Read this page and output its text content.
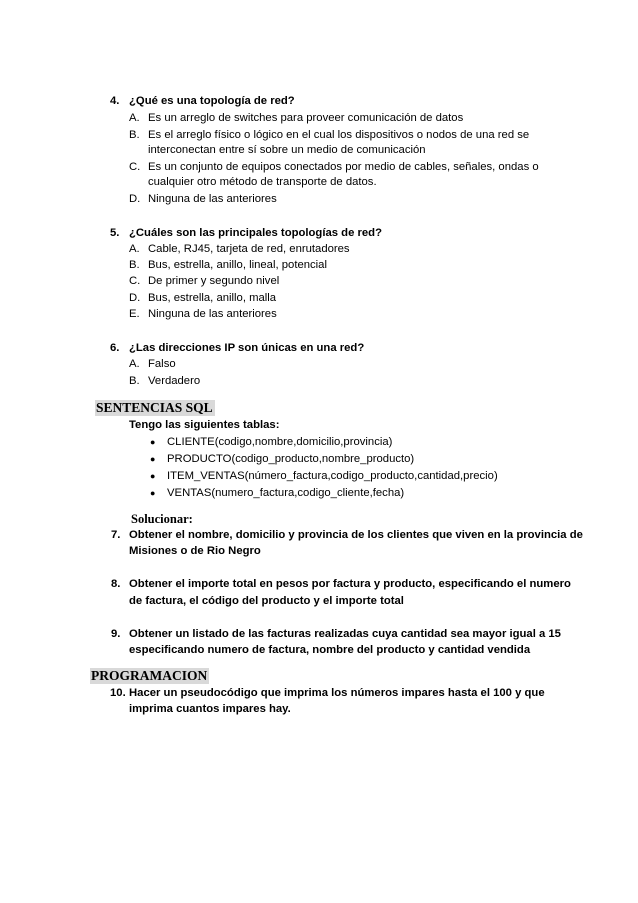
4. ¿Qué es una topología de red?
A. Es un arreglo de switches para proveer comunicación de datos
B. Es el arreglo físico o lógico en el cual los dispositivos o nodos de una red se
interconectan entre sí sobre un medio de comunicación
C. Es un conjunto de equipos conectados por medio de cables, señales, ondas o
cualquier otro método de transporte de datos.
D. Ninguna de las anteriores
5. ¿Cuáles son las principales topologías de red?
A. Cable, RJ45, tarjeta de red, enrutadores
B. Bus, estrella, anillo, lineal, potencial
C. De primer y segundo nivel
D. Bus, estrella, anillo, malla
E. Ninguna de las anteriores
6. ¿Las direcciones IP son únicas en una red?
A. Falso
B. Verdadero
SENTENCIAS SQL
Tengo las siguientes tablas:
● CLIENTE(codigo,nombre,domicilio,provincia)
● PRODUCTO(codigo_producto,nombre_producto)
● ITEM_VENTAS(número_factura,codigo_producto,cantidad,precio)
● VENTAS(numero_factura,codigo_cliente,fecha)
Solucionar:
7. Obtener el nombre, domicilio y provincia de los clientes que viven en la provincia de
Misiones o de Rio Negro
8. Obtener el importe total en pesos por factura y producto, especificando el numero
de factura, el código del producto y el importe total
9. Obtener un listado de las facturas realizadas cuya cantidad sea mayor igual a 15
especificando numero de factura, nombre del producto y cantidad vendida
PROGRAMACION
10. Hacer un pseudocódigo que imprima los números impares hasta el 100 y que
imprima cuantos impares hay.
